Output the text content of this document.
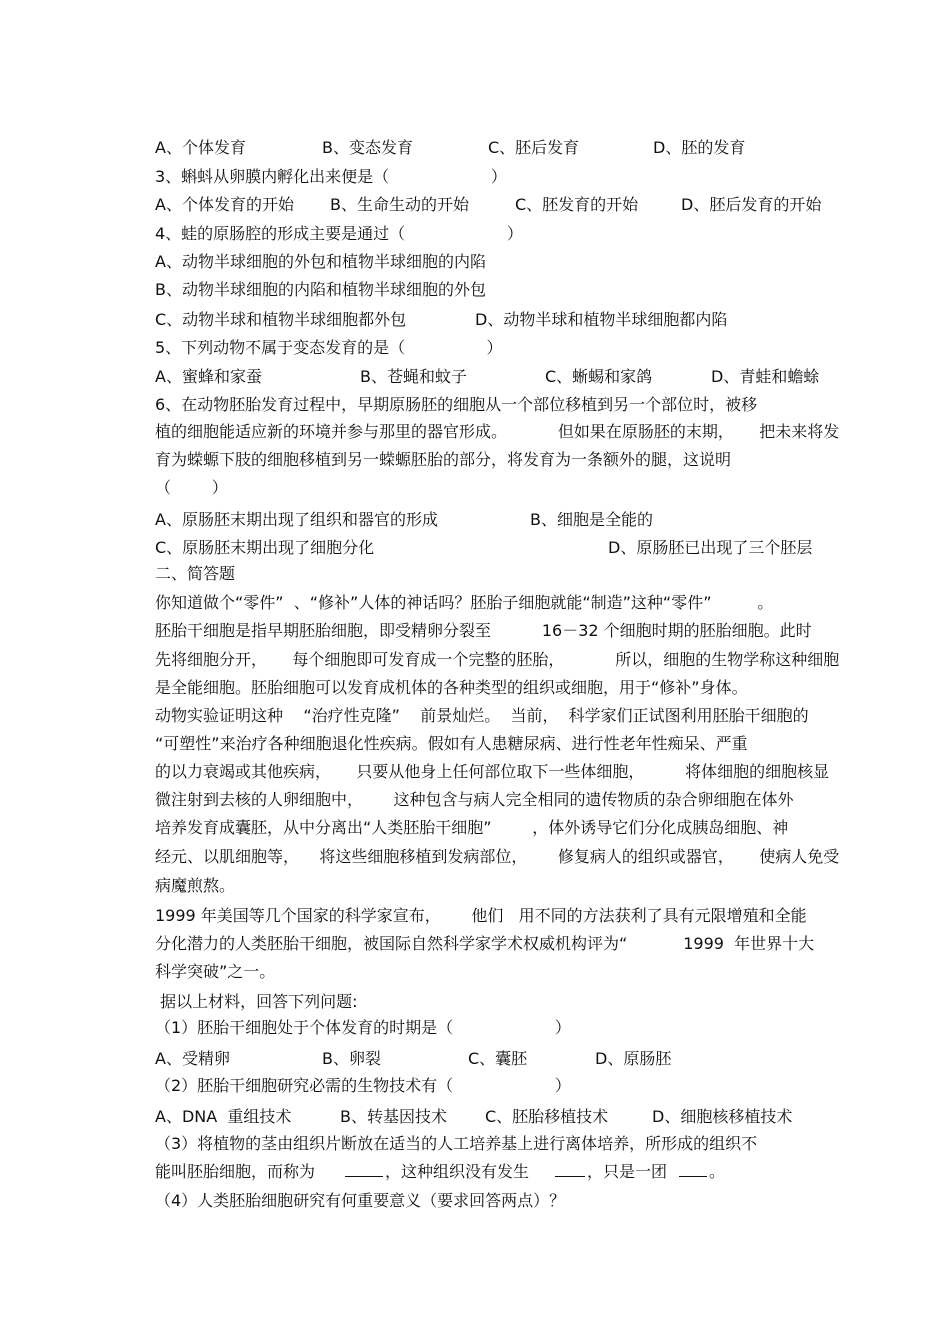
A、个体发育	B、变态发育	C、胚后发育	D、胚的发育

3、蝌蚪从卵膜内孵化出来便是（                    ）

A、个体发育的开始 B、生命生动的开始	C、胚发育的开始	D、胚后发育的开始

4、蛙的原肠腔的形成主要是通过（                    ）

A、动物半球细胞的外包和植物半球细胞的内陷

B、动物半球细胞的内陷和植物半球细胞的外包

C、动物半球和植物半球细胞都外包	D、动物半球和植物半球细胞都内陷

5、下列动物不属于变态发育的是（                ）

A、蜜蜂和家蚕	B、苍蝇和蚊子	C、蜥蜴和家鸽	D、青蛙和蟾蜍

6、在动物胚胎发育过程中，早期原肠胚的细胞从一个部位移植到另一个部位时，被移

植的细胞能适应新的环境并参与那里的器官形成。          但如果在原肠胚的末期，     把未来将发

育为蝾螈下肢的细胞移植到另一蝾螈胚胎的部分，将发育为一条额外的腿，这说明

（        ）

A、原肠胚末期出现了组织和器官的形成	B、细胞是全能的
C、原肠胚末期出现了细胞分化	D、原肠胚已出现了三个胚层

二、简答题

你知道做个“零件”  、“修补”人体的神话吗？胚胎子细胞就能“制造”这种“零件”         。

胚胎干细胞是指早期胚胎细胞，即受精卵分裂至          16－32 个细胞时期的胚胎细胞。此时

先将细胞分开，     每个细胞即可发育成一个完整的胚胎，          所以，细胞的生物学称这种细胞

是全能细胞。胚胎细胞可以发育成机体的各种类型的组织或细胞，用于“修补”身体。

动物实验证明这种    “治疗性克隆”    前景灿烂。  当前，  科学家们正试图利用胚胎干细胞的

“可塑性”来治疗各种细胞退化性疾病。假如有人患糖尿病、进行性老年性痴呆、严重

的以力衰竭或其他疾病，     只要从他身上任何部位取下一些体细胞，        将体细胞的细胞核显

微注射到去核的人卵细胞中，      这种包含与病人完全相同的遗传物质的杂合卵细胞在体外

培养发育成囊胚，从中分离出“人类胚胎干细胞”        ，体外诱导它们分化成胰岛细胞、神

经元、以肌细胞等，    将这些细胞移植到发病部位，      修复病人的组织或器官，     使病人免受

病魔煎熬。

1999 年美国等几个国家的科学家宣布，      他们   用不同的方法获利了具有元限增殖和全能

分化潜力的人类胚胎干细胞，被国际自然科学家学术权威机构评为“           1999  年世界十大

科学突破”之一。

据以上材料，回答下列问题:

（1）胚胎干细胞处于个体发育的时期是（                    ）

A、受精卵	B、卵裂	C、囊胚	D、原肠胚

（2）胚胎干细胞研究必需的生物技术有（                    ）

A、DNA  重组技术	B、转基因技术 C、胚胎移植技术	D、细胞核移植技术

（3）将植物的茎由组织片断放在适当的人工培养基上进行离体培养，所形成的组织不

能叫胚胎细胞，而称为	，这种组织没有发生	，只是一团	。

（4）人类胚胎细胞研究有何重要意义（要求回答两点）？
